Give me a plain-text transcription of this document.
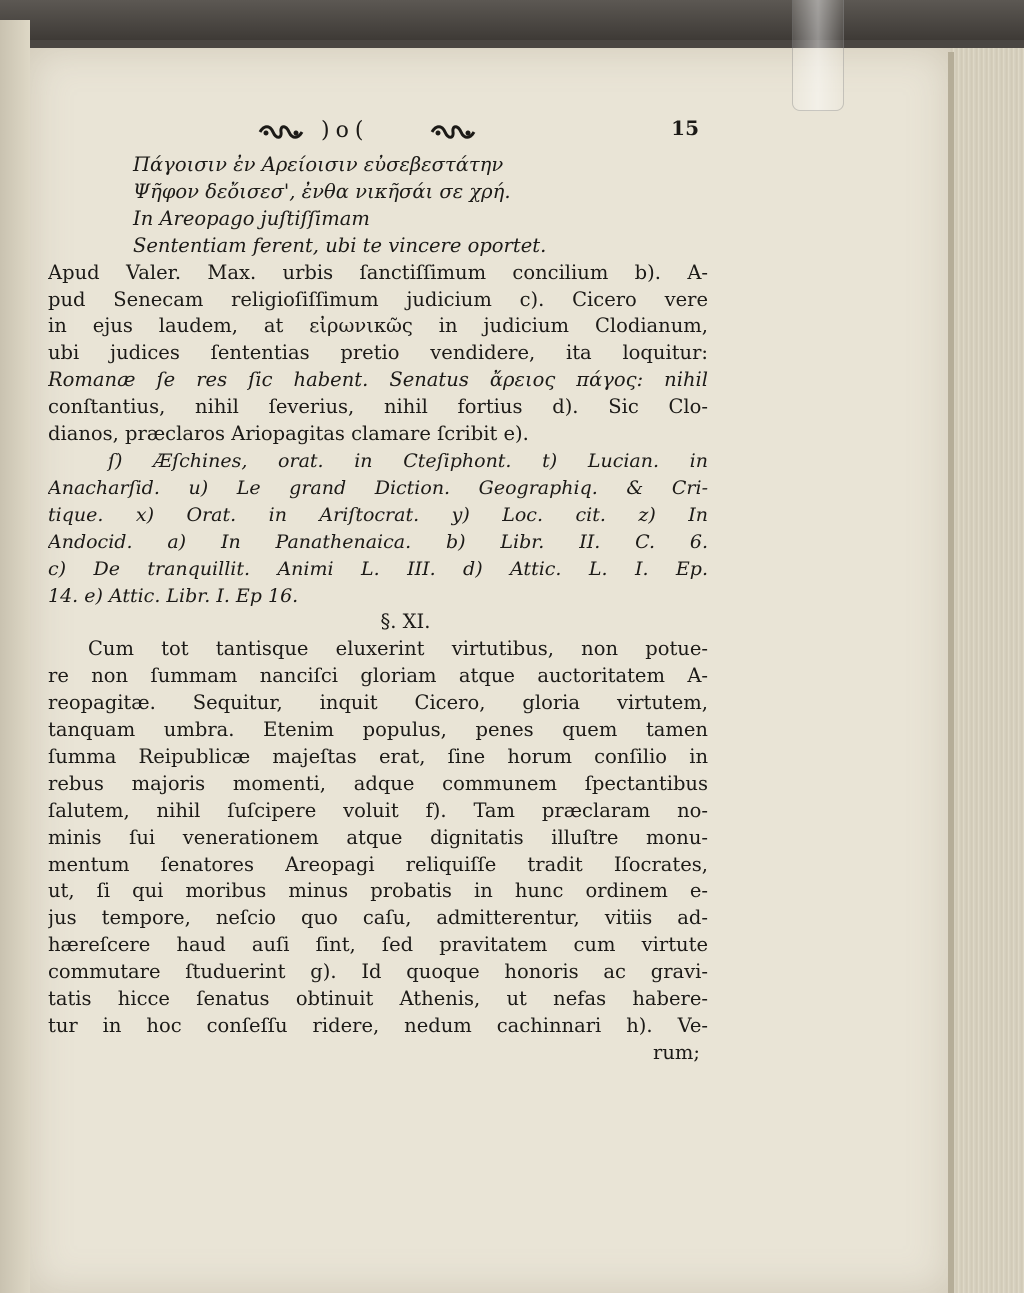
)o(	15

Πάγοισιν ἐν Αρείοισιν εὐσεβεστάτην

Ψῆφον δεὄισεσ', ἐνθα νικῆσάι σε χρή.

In Areopago juſtiſſimam

Sententiam ferent, ubi te vincere oportet.

Apud Valer. Max. urbis ſanctiſſimum concilium b). A-

pud Senecam religioſiſſimum judicium c). Cicero vere

in ejus laudem, at εἰρωνικῶς in judicium Clodianum,

ubi judices ſententias pretio vendidere, ita loquitur:

Romanæ ſe res ſic habent. Senatus ἄρειος πάγος: nihil

conſtantius, nihil ſeverius, nihil fortius d). Sic Clo-

dianos, præclaros Ariopagitas clamare ſcribit e).

ſ) Æſchines, orat. in Cteſiphont. t) Lucian. in

Anacharſid. u) Le grand Diction. Geographiq. & Cri-

tique. x) Orat. in Ariſtocrat. y) Loc. cit. z) In

Andocid. a) In Panathenaica. b) Libr. II. C. 6.

c) De tranquillit. Animi L. III. d) Attic. L. I. Ep.

14. e) Attic. Libr. I. Ep 16.

§. XI.

Cum tot tantisque eluxerint virtutibus, non potue-

re non ſummam nanciſci gloriam atque auctoritatem A-

reopagitæ. Sequitur, inquit Cicero, gloria virtutem,

tanquam umbra. Etenim populus, penes quem tamen

ſumma Reipublicæ majeſtas erat, ſine horum conſilio in

rebus majoris momenti, adque communem ſpectantibus

ſalutem, nihil ſuſcipere voluit f). Tam præclaram no-

minis ſui venerationem atque dignitatis illuſtre monu-

mentum ſenatores Areopagi reliquiſſe tradit Iſocrates,

ut, ſi qui moribus minus probatis in hunc ordinem e-

jus tempore, neſcio quo caſu, admitterentur, vitiis ad-

hæreſcere haud auſi ſint, ſed pravitatem cum virtute

commutare ſtuduerint g). Id quoque honoris ac gravi-

tatis hicce ſenatus obtinuit Athenis, ut nefas habere-

tur in hoc conſeſſu ridere, nedum cachinnari h). Ve-

rum;
